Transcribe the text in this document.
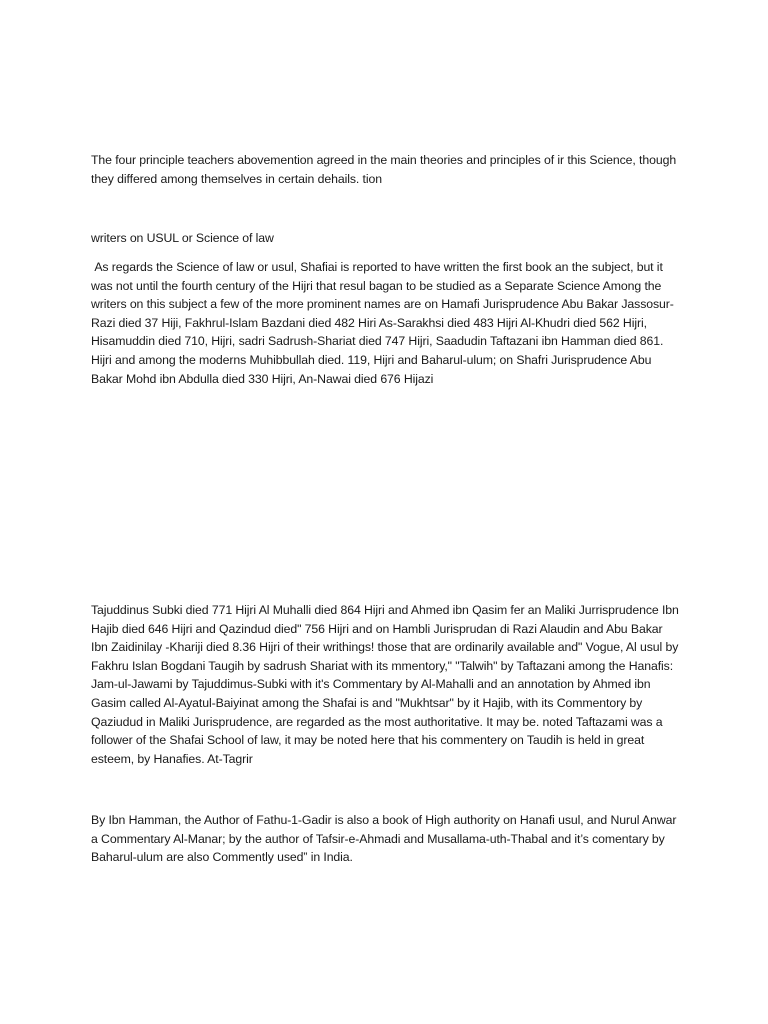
The four principle teachers abovemention agreed in the main theories and principles of ir this Science, though they differed among themselves in certain dehails. tion

writers on USUL or Science of law

As regards the Science of law or usul, Shafiai is reported to have written the first book an the subject, but it was not until the fourth century of the Hijri that resul bagan to be studied as a Separate Science Among the writers on this subject a few of the more prominent names are on Hamafi Jurisprudence Abu Bakar Jassosur-Razi died 37 Hiji, Fakhrul-Islam Bazdani died 482 Hiri As-Sarakhsi died 483 Hijri Al-Khudri died 562 Hijri, Hisamuddin died 710, Hijri, sadri Sadrush-Shariat died 747 Hijri, Saadudin Taftazani ibn Hamman died 861. Hijri and among the moderns Muhibbullah died. 119, Hijri and Baharul-ulum; on Shafri Jurisprudence Abu Bakar Mohd ibn Abdulla died 330 Hijri, An-Nawai died 676 Hijazi

Tajuddinus Subki died 771 Hijri Al Muhalli died 864 Hijri and Ahmed ibn Qasim fer an Maliki Jurrisprudence Ibn Hajib died 646 Hijri and Qazindud died" 756 Hijri and on Hambli Jurisprudan di Razi Alaudin and Abu Bakar Ibn Zaidinilay -Khariji died 8.36 Hijri of their writhings! those that are ordinarily available and" Vogue, Al usul by Fakhru Islan Bogdani Taugih by sadrush Shariat with its mmentory," "Talwih" by Taftazani among the Hanafis: Jam-ul-Jawami by Tajuddimus-Subki with it's Commentary by Al-Mahalli and an annotation by Ahmed ibn Gasim called Al-Ayatul-Baiyinat among the Shafai is and "Mukhtsar" by it Hajib, with its Commentory by Qaziudud in Maliki Jurisprudence, are regarded as the most authoritative. It may be. noted Taftazami was a follower of the Shafai School of law, it may be noted here that his commentery on Taudih is held in great esteem, by Hanafies. At-Tagrir

By Ibn Hamman, the Author of Fathu-1-Gadir is also a book of High authority on Hanafi usul, and Nurul Anwar a Commentary Al-Manar; by the author of Tafsir-e-Ahmadi and Musallama-uth-Thabal and it’s comentary by Baharul-ulum are also Commently used” in India.
